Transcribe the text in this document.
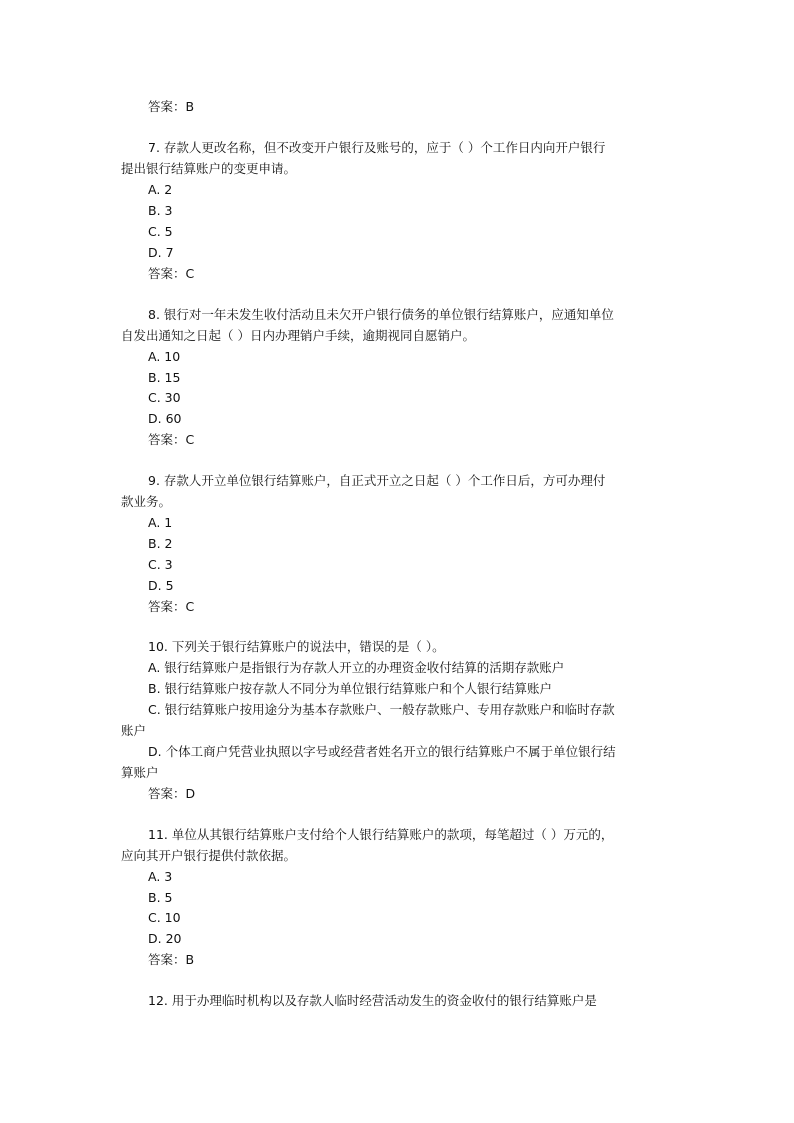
答案：B
7. 存款人更改名称，但不改变开户银行及账号的，应于（ ）个工作日内向开户银行
提出银行结算账户的变更申请。
A. 2
B. 3
C. 5
D. 7
答案：C
8. 银行对一年未发生收付活动且未欠开户银行债务的单位银行结算账户，应通知单位
自发出通知之日起（ ）日内办理销户手续，逾期视同自愿销户。
A. 10
B. 15
C. 30
D. 60
答案：C
9. 存款人开立单位银行结算账户，自正式开立之日起（ ）个工作日后，方可办理付
款业务。
A. 1
B. 2
C. 3
D. 5
答案：C
10. 下列关于银行结算账户的说法中，错误的是（ ）。
A. 银行结算账户是指银行为存款人开立的办理资金收付结算的活期存款账户
B. 银行结算账户按存款人不同分为单位银行结算账户和个人银行结算账户
C. 银行结算账户按用途分为基本存款账户、一般存款账户、专用存款账户和临时存款
账户
D. 个体工商户凭营业执照以字号或经营者姓名开立的银行结算账户不属于单位银行结
算账户
答案：D
11. 单位从其银行结算账户支付给个人银行结算账户的款项，每笔超过（ ）万元的，
应向其开户银行提供付款依据。
A. 3
B. 5
C. 10
D. 20
答案：B
12. 用于办理临时机构以及存款人临时经营活动发生的资金收付的银行结算账户是
